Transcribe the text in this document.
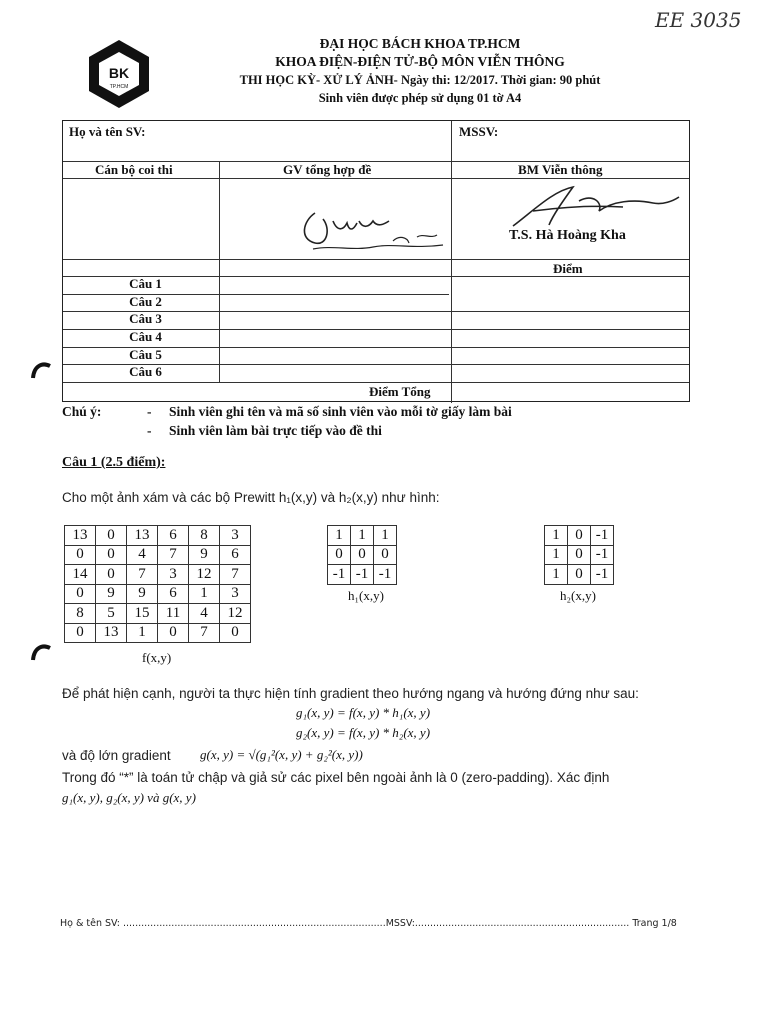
EE 3035
BK
TP.HCM
ĐẠI HỌC BÁCH KHOA TP.HCM
KHOA ĐIỆN-ĐIỆN TỬ-BỘ MÔN VIỄN THÔNG
THI HỌC KỲ- XỬ LÝ ẢNH- Ngày thi: 12/2017. Thời gian: 90 phút
Sinh viên được phép sử dụng 01 tờ A4
Họ và tên SV:	MSSV:
Cán bộ coi thi	GV tổng hợp đề	BM Viễn thông
T.S. Hà Hoàng Kha
Điểm
Câu 1
Câu 2
Câu 3
Câu 4
Câu 5
Câu 6
Điểm Tổng
Chú ý:	- Sinh viên ghi tên và mã số sinh viên vào mỗi tờ giấy làm bài
- Sinh viên làm bài trực tiếp vào đề thi
Câu 1 (2.5 điểm):
Cho một ảnh xám và các bộ Prewitt h₁(x,y) và h₂(x,y) như hình:
13	0	13	6	8	3
0	0	4	7	9	6
14	0	7	3	12	7
0	9	9	6	1	3
8	5	15	11	4	12
0	13	1	0	7	0
f(x,y)
1	1	1
0	0	0
-1	-1	-1
h₁(x,y)
1	0	-1
1	0	-1
1	0	-1
h₂(x,y)
Để phát hiện cạnh, người ta thực hiện tính gradient theo hướng ngang và hướng đứng như sau:
g₁(x, y) = f(x, y) * h₁(x, y)
g₂(x, y) = f(x, y) * h₂(x, y)
và độ lớn gradient g(x, y) = √(g₁²(x, y) + g₂²(x, y))
Trong đó “*” là toán tử chập và giả sử các pixel bên ngoài ảnh là 0 (zero-padding). Xác định
g₁(x, y), g₂(x, y) và g(x, y)
Họ & tên SV: .......................................................................................MSSV:....................................................................... Trang 1/8
